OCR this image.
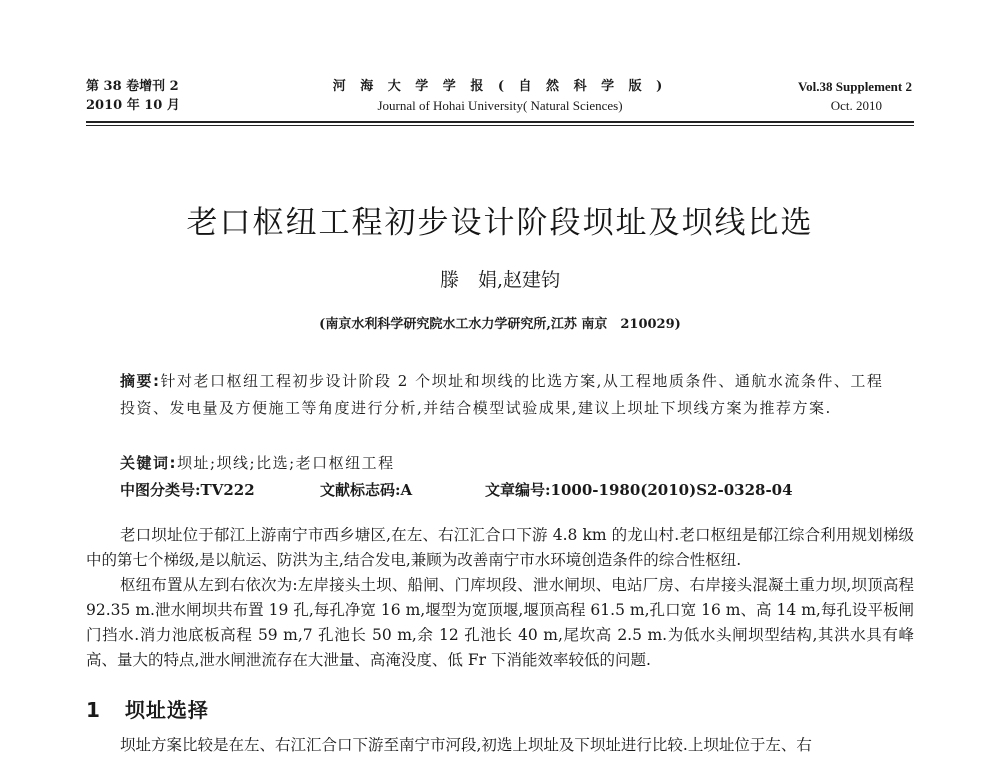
第 38 卷增刊 2
2010 年 10 月
河 海 大 学 学 报 ( 自 然 科 学 版 )
Journal of Hohai University( Natural Sciences)
Vol.38 Supplement 2
Oct. 2010
老口枢纽工程初步设计阶段坝址及坝线比选
滕　娟,赵建钧
(南京水利科学研究院水工水力学研究所,江苏 南京　210029)
摘要:针对老口枢纽工程初步设计阶段 2 个坝址和坝线的比选方案,从工程地质条件、通航水流条件、工程投资、发电量及方便施工等角度进行分析,并结合模型试验成果,建议上坝址下坝线方案为推荐方案.
关键词:坝址;坝线;比选;老口枢纽工程
中图分类号:TV222	文献标志码:A	文章编号:1000-1980(2010)S2-0328-04
老口坝址位于郁江上游南宁市西乡塘区,在左、右江汇合口下游 4.8 km 的龙山村.老口枢纽是郁江综合利用规划梯级中的第七个梯级,是以航运、防洪为主,结合发电,兼顾为改善南宁市水环境创造条件的综合性枢纽.
枢纽布置从左到右依次为:左岸接头土坝、船闸、门库坝段、泄水闸坝、电站厂房、右岸接头混凝土重力坝,坝顶高程 92.35 m.泄水闸坝共布置 19 孔,每孔净宽 16 m,堰型为宽顶堰,堰顶高程 61.5 m,孔口宽 16 m、高 14 m,每孔设平板闸门挡水.消力池底板高程 59 m,7 孔池长 50 m,余 12 孔池长 40 m,尾坎高 2.5 m.为低水头闸坝型结构,其洪水具有峰高、量大的特点,泄水闸泄流存在大泄量、高淹没度、低 Fr 下消能效率较低的问题.
1 坝址选择
坝址方案比较是在左、右江汇合口下游至南宁市河段,初选上坝址及下坝址进行比较.上坝址位于左、右
